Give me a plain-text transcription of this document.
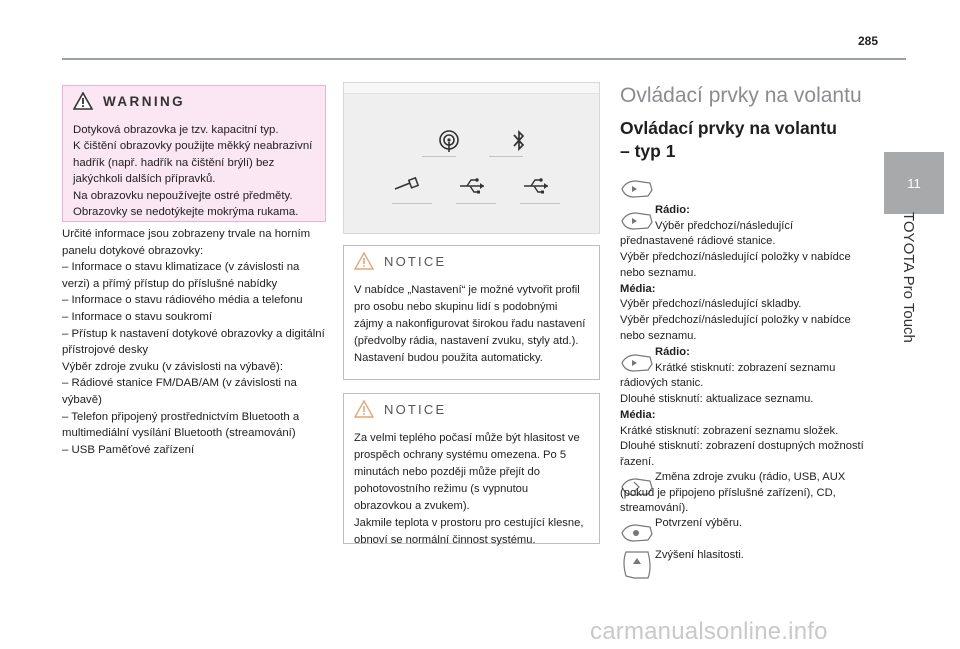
285
11
TOYOTA Pro Touch
WARNING
Dotyková obrazovka je tzv. kapacitní typ.
K čištění obrazovky použijte měkký neabrazivní hadřík (např. hadřík na čištění brýlí) bez jakýchkoli dalších přípravků.
Na obrazovku nepoužívejte ostré předměty.
Obrazovky se nedotýkejte mokrýma rukama.
Určité informace jsou zobrazeny trvale na horním panelu dotykové obrazovky:
– Informace o stavu klimatizace (v závislosti na verzi) a přímý přístup do příslušné nabídky
– Informace o stavu rádiového média a telefonu
– Informace o stavu soukromí
– Přístup k nastavení dotykové obrazovky a digitální přístrojové desky
Výběr zdroje zvuku (v závislosti na výbavě):
– Rádiové stanice FM/DAB/AM (v závislosti na výbavě)
– Telefon připojený prostřednictvím Bluetooth a multimediální vysílání Bluetooth (streamování)
– USB Paměťové zařízení
NOTICE
V nabídce „Nastavení“ je možné vytvořit profil pro osobu nebo skupinu lidí s podobnými zájmy a nakonfigurovat širokou řadu nastavení (předvolby rádia, nastavení zvuku, styly atd.). Nastavení budou použita automaticky.
NOTICE
Za velmi teplého počasí může být hlasitost ve prospěch ochrany systému omezena. Po 5 minutách nebo později může přejít do pohotovostního režimu (s vypnutou obrazovkou a zvukem).
Jakmile teplota v prostoru pro cestující klesne, obnoví se normální činnost systému.
Ovládací prvky na volantu
Ovládací prvky na volantu
– typ 1
Rádio:
Výběr předchozí/následující přednastavené rádiové stanice.
Výběr předchozí/následující položky v nabídce nebo seznamu.
Média:
Výběr předchozí/následující skladby.
Výběr předchozí/následující položky v nabídce nebo seznamu.
Rádio:
Krátké stisknutí: zobrazení seznamu rádiových stanic.
Dlouhé stisknutí: aktualizace seznamu.
Média:
Krátké stisknutí: zobrazení seznamu složek.
Dlouhé stisknutí: zobrazení dostupných možností řazení.
Změna zdroje zvuku (rádio, USB, AUX (pokud je připojeno příslušné zařízení), CD, streamování).
Potvrzení výběru.
Zvýšení hlasitosti.
carmanualsonline.info
